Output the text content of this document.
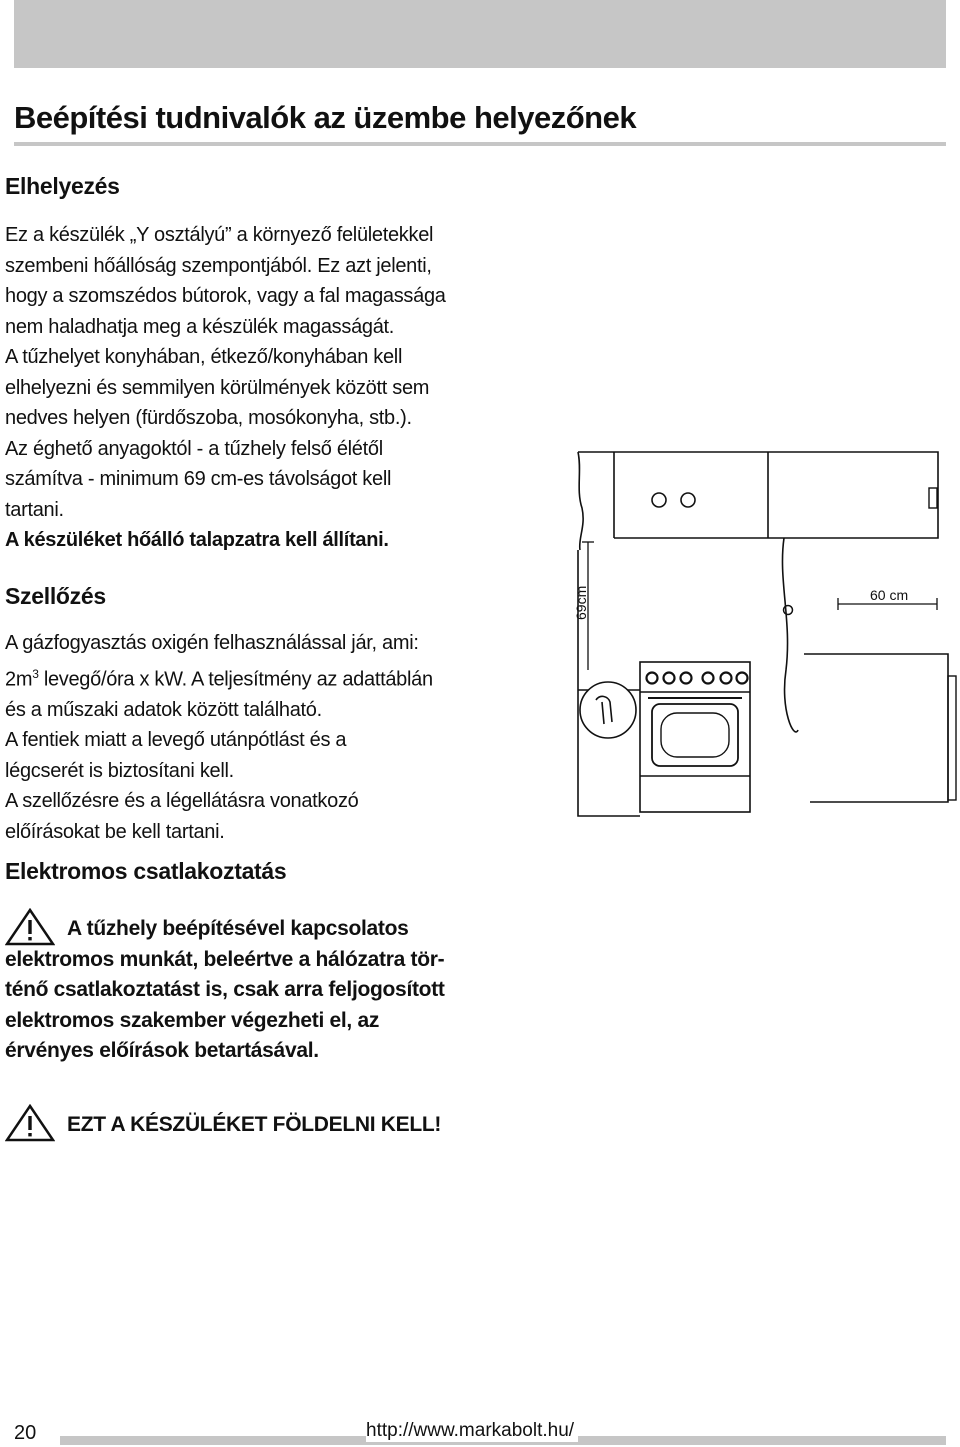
Beépítési tudnivalók az üzembe helyezőnek
Elhelyezés
Ez a készülék „Y osztályú” a környező felületekkel
szembeni hőállóság szempontjából. Ez azt jelenti,
hogy a szomszédos bútorok, vagy a fal magassága
nem haladhatja meg a készülék magasságát.
A tűzhelyet konyhában, étkező/konyhában kell
elhelyezni és semmilyen körülmények között sem
nedves helyen (fürdőszoba, mosókonyha, stb.).
Az éghető anyagoktól - a tűzhely felső élétől
számítva - minimum 69 cm-es távolságot kell
tartani.
A készüléket hőálló talapzatra kell állítani.
Szellőzés
A gázfogyasztás oxigén felhasználással jár, ami:
$2m^3$ levegő/óra x kW. A teljesítmény az adattáblán
és a műszaki adatok között található.
A fentiek miatt a levegő utánpótlást és a
légcserét is biztosítani kell.
A szellőzésre és a légellátásra vonatkozó
előírásokat be kell tartani.
Elektromos csatlakoztatás
A tűzhely beépítésével kapcsolatos
elektromos munkát, beleértve a hálózatra tör-
ténő csatlakoztatást is, csak arra feljogosított
elektromos szakember végezheti el, az
érvényes előírások betartásával.
EZT A KÉSZÜLÉKET FÖLDELNI KELL!
69cm	60 cm
20	http://www.markabolt.hu/
